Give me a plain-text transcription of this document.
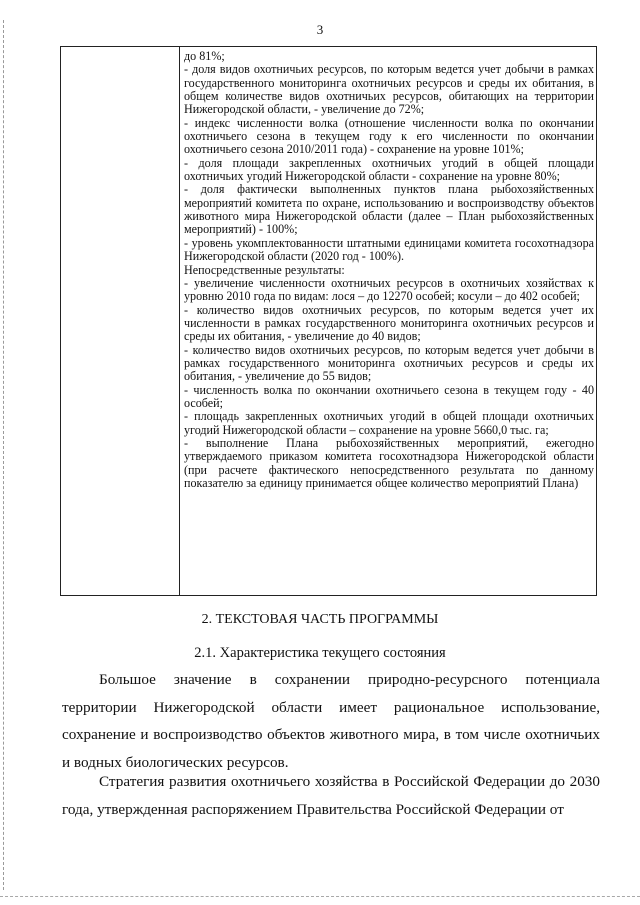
3

до 81%;

- доля видов охотничьих ресурсов, по которым ведется учет добычи в рамках государственного мониторинга охотничьих ресурсов и среды их обитания, в общем количестве видов охотничьих ресурсов, обитающих на территории Нижегородской области, - увеличение до 72%;

- индекс численности волка (отношение численности волка по окончании охотничьего сезона в текущем году к его численности по окончании охотничьего сезона 2010/2011 года) - сохранение на уровне 101%;

- доля площади закрепленных охотничьих угодий в общей площади охотничьих угодий Нижегородской области - сохранение на уровне 80%;

- доля фактически выполненных пунктов плана рыбохозяйственных мероприятий комитета по охране, использованию и воспроизводству объектов животного мира Нижегородской области (далее – План рыбохозяйственных мероприятий) - 100%;

- уровень укомплектованности штатными единицами комитета госохотнадзора Нижегородской области (2020 год - 100%).

Непосредственные результаты:

- увеличение численности охотничьих ресурсов в охотничьих хозяйствах к уровню 2010 года по видам: лося – до 12270 особей; косули – до 402 особей;

- количество видов охотничьих ресурсов, по которым ведется учет их численности в рамках государственного мониторинга охотничьих ресурсов и среды их обитания, - увеличение до 40 видов;

- количество видов охотничьих ресурсов, по которым ведется учет добычи в рамках государственного мониторинга охотничьих ресурсов и среды их обитания, - увеличение до 55 видов;

- численность волка по окончании охотничьего сезона в текущем году - 40 особей;

- площадь закрепленных охотничьих угодий в общей площади охотничьих угодий Нижегородской области – сохранение на уровне 5660,0 тыс. га;

- выполнение Плана рыбохозяйственных мероприятий, ежегодно утверждаемого приказом комитета госохотнадзора Нижегородской области (при расчете фактического непосредственного результата по данному показателю за единицу принимается общее количество мероприятий Плана)

2. ТЕКСТОВАЯ ЧАСТЬ ПРОГРАММЫ
2.1. Характеристика текущего состояния

Большое значение в сохранении природно-ресурсного потенциала территории Нижегородской области имеет рациональное использование, сохранение и воспроизводство объектов животного мира, в том числе охотничьих и водных биологических ресурсов.

Стратегия развития охотничьего хозяйства в Российской Федерации до 2030 года, утвержденная распоряжением Правительства Российской Федерации от
